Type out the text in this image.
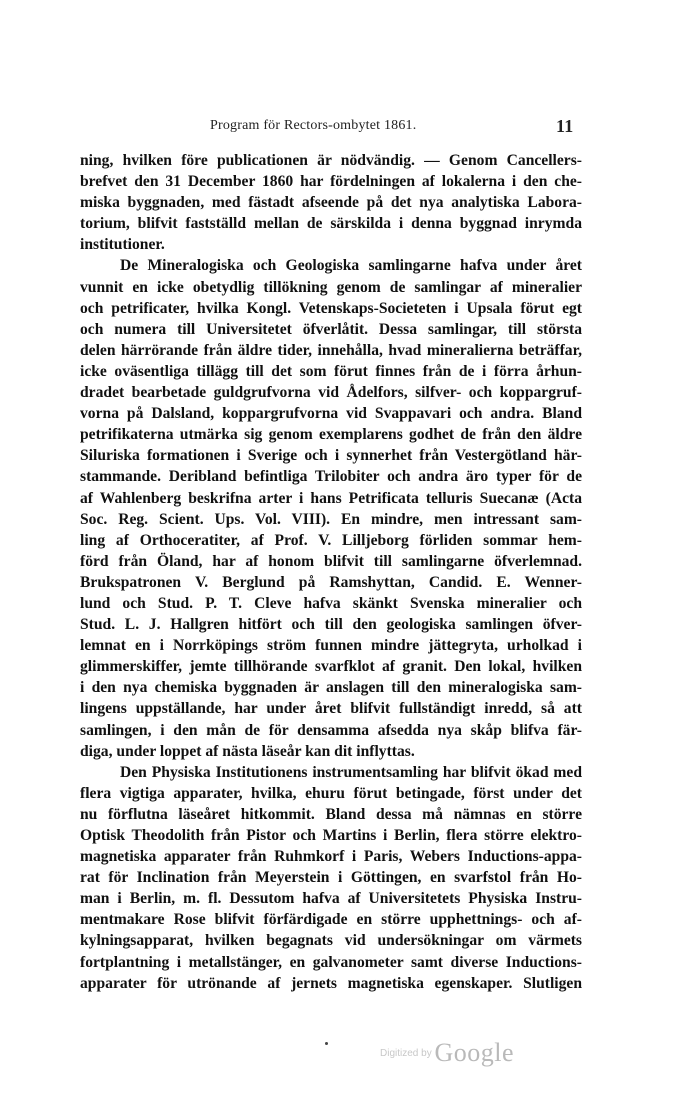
Program för Rectors-ombytet 1861.	11
ning, hvilken före publicationen är nödvändig. — Genom Cancellers-
brefvet den 31 December 1860 har fördelningen af lokalerna i den che-
miska byggnaden, med fästadt afseende på det nya analytiska Labora-
torium, blifvit fastställd mellan de särskilda i denna byggnad inrymda
institutioner.
De Mineralogiska och Geologiska samlingarne hafva under året
vunnit en icke obetydlig tillökning genom de samlingar af mineralier
och petrificater, hvilka Kongl. Vetenskaps-Societeten i Upsala förut egt
och numera till Universitetet öfverlåtit. Dessa samlingar, till största
delen härrörande från äldre tider, innehålla, hvad mineralierna beträffar,
icke oväsentliga tillägg till det som förut finnes från de i förra århun-
dradet bearbetade guldgrufvorna vid Ådelfors, silfver- och koppargruf-
vorna på Dalsland, koppargrufvorna vid Svappavari och andra. Bland
petrifikaterna utmärka sig genom exemplarens godhet de från den äldre
Siluriska formationen i Sverige och i synnerhet från Vestergötland här-
stammande. Deribland befintliga Trilobiter och andra äro typer för de
af Wahlenberg beskrifna arter i hans Petrificata telluris Suecanæ (Acta
Soc. Reg. Scient. Ups. Vol. VIII). En mindre, men intressant sam-
ling af Orthoceratiter, af Prof. V. Lilljeborg förliden sommar hem-
förd från Öland, har af honom blifvit till samlingarne öfverlemnad.
Brukspatronen V. Berglund på Ramshyttan, Candid. E. Wenner-
lund och Stud. P. T. Cleve hafva skänkt Svenska mineralier och
Stud. L. J. Hallgren hitfört och till den geologiska samlingen öfver-
lemnat en i Norrköpings ström funnen mindre jättegryta, urholkad i
glimmerskiffer, jemte tillhörande svarfklot af granit. Den lokal, hvilken
i den nya chemiska byggnaden är anslagen till den mineralogiska sam-
lingens uppställande, har under året blifvit fullständigt inredd, så att
samlingen, i den mån de för densamma afsedda nya skåp blifva fär-
diga, under loppet af nästa läseår kan dit inflyttas.
Den Physiska Institutionens instrumentsamling har blifvit ökad med
flera vigtiga apparater, hvilka, ehuru förut betingade, först under det
nu förflutna läseåret hitkommit. Bland dessa må nämnas en större
Optisk Theodolith från Pistor och Martins i Berlin, flera större elektro-
magnetiska apparater från Ruhmkorf i Paris, Webers Inductions-appa-
rat för Inclination från Meyerstein i Göttingen, en svarfstol från Ho-
man i Berlin, m. fl. Dessutom hafva af Universitetets Physiska Instru-
mentmakare Rose blifvit förfärdigade en större upphettnings- och af-
kylningsapparat, hvilken begagnats vid undersökningar om värmets
fortplantning i metallstänger, en galvanometer samt diverse Inductions-
apparater för utrönande af jernets magnetiska egenskaper. Slutligen
Digitized by Google
